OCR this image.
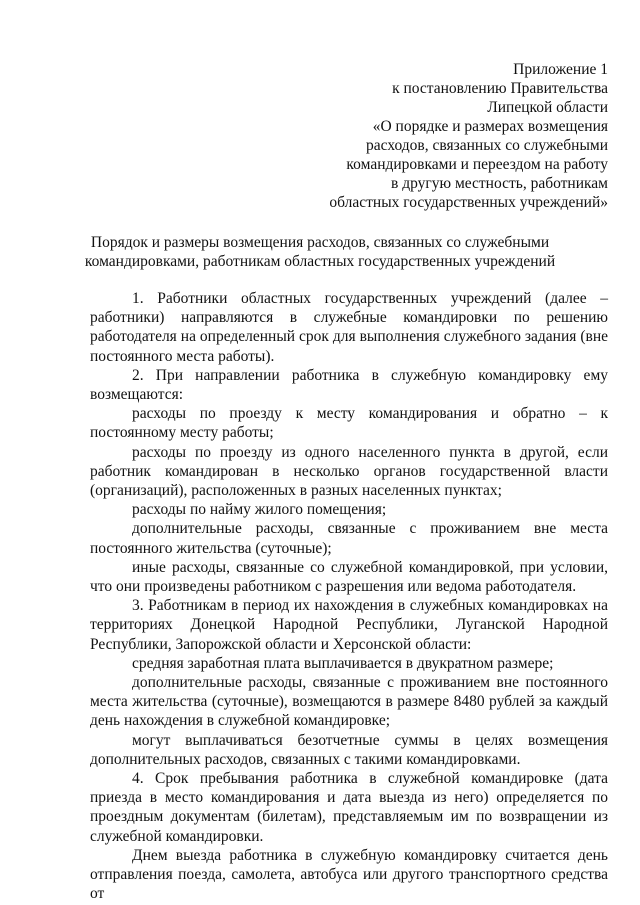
Приложение 1
к постановлению Правительства
Липецкой области
«О порядке и размерах возмещения
расходов, связанных со служебными
командировками и переездом на работу
в другую местность, работникам
областных государственных учреждений»
Порядок и размеры возмещения расходов, связанных со служебными
командировками, работникам областных государственных учреждений

1. Работники областных государственных учреждений (далее – работники) направляются в служебные командировки по решению работодателя на определенный срок для выполнения служебного задания (вне постоянного места работы).

2. При направлении работника в служебную командировку ему возмещаются:

расходы по проезду к месту командирования и обратно – к постоянному месту работы;

расходы по проезду из одного населенного пункта в другой, если работник командирован в несколько органов государственной власти (организаций), расположенных в разных населенных пунктах;

расходы по найму жилого помещения;

дополнительные расходы, связанные с проживанием вне места постоянного жительства (суточные);

иные расходы, связанные со служебной командировкой, при условии, что они произведены работником с разрешения или ведома работодателя.

3. Работникам в период их нахождения в служебных командировках на территориях Донецкой Народной Республики, Луганской Народной Республики, Запорожской области и Херсонской области:

средняя заработная плата выплачивается в двукратном размере;

дополнительные расходы, связанные с проживанием вне постоянного места жительства (суточные), возмещаются в размере 8480 рублей за каждый день нахождения в служебной командировке;

могут выплачиваться безотчетные суммы в целях возмещения дополнительных расходов, связанных с такими командировками.

4. Срок пребывания работника в служебной командировке (дата приезда в место командирования и дата выезда из него) определяется по проездным документам (билетам), представляемым им по возвращении из служебной командировки.

Днем выезда работника в служебную командировку считается день отправления поезда, самолета, автобуса или другого транспортного средства от
